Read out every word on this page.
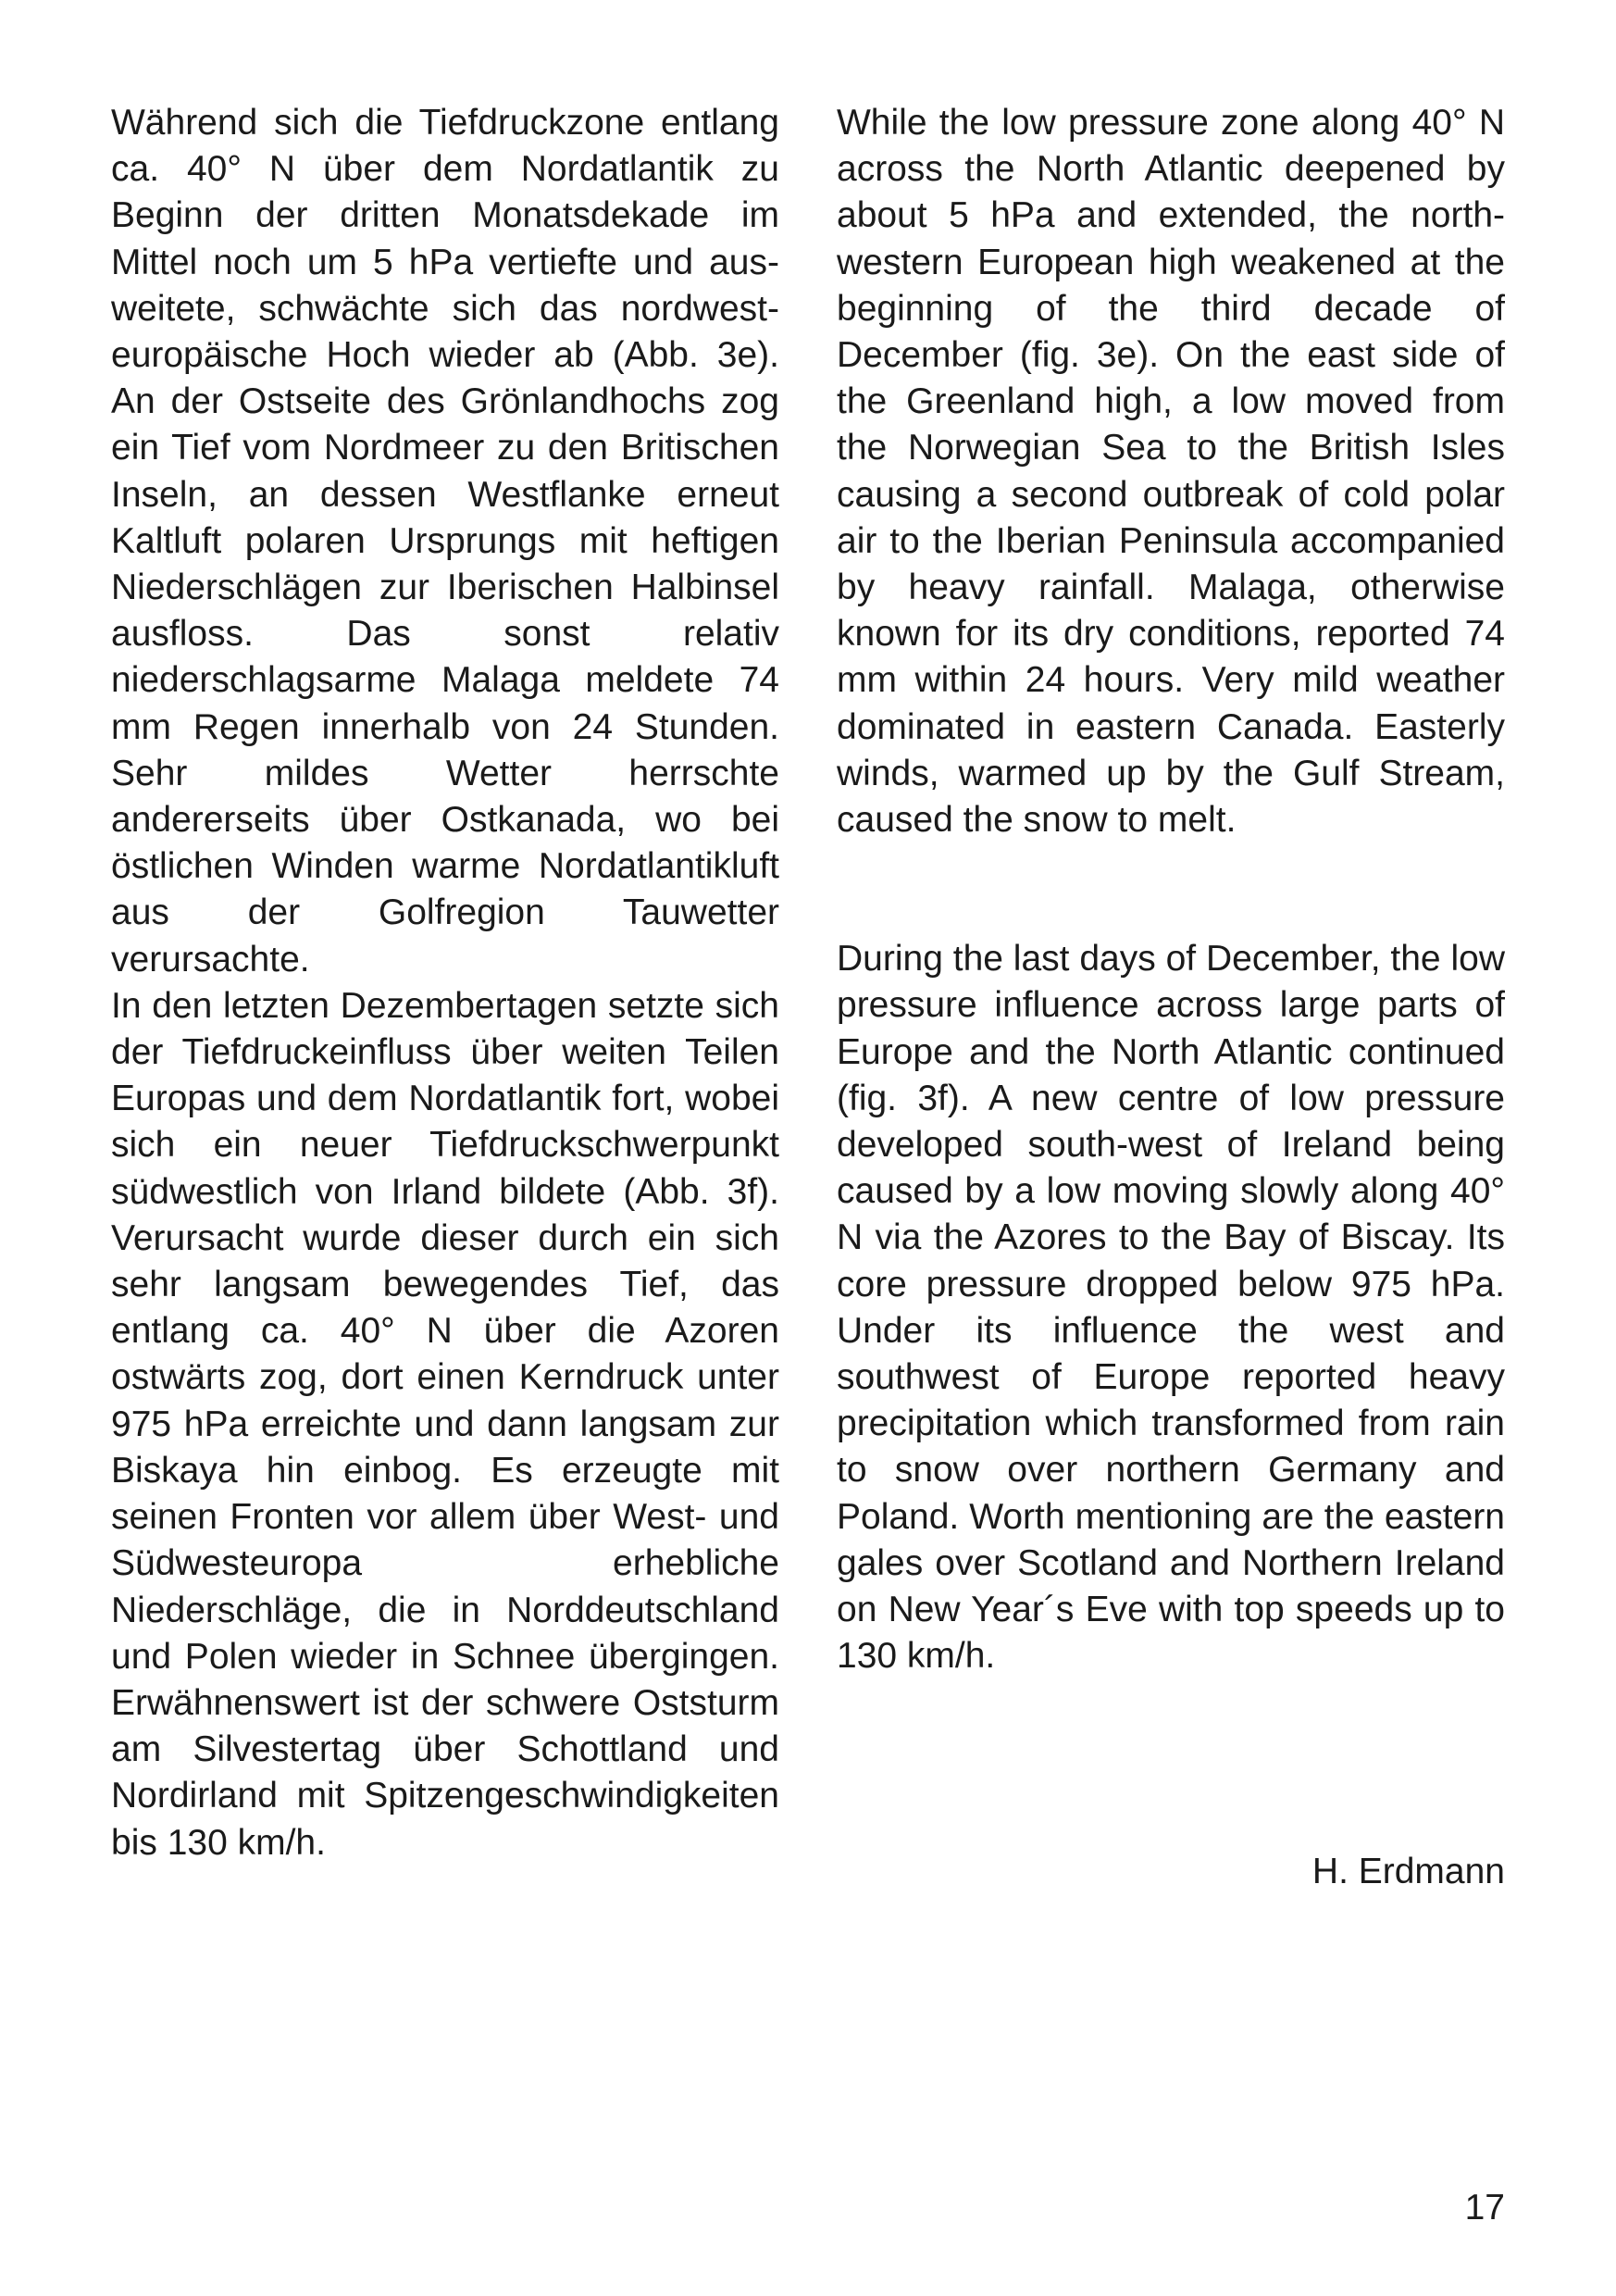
Während sich die Tiefdruckzone entlang ca. 40° N über dem Nordatlantik zu Beginn der dritten Monatsdekade im Mittel noch um 5 hPa vertiefte und ausweitete, schwächte sich das nordwesteuropäische Hoch wieder ab (Abb. 3e). An der Ostseite des Grönlandhochs zog ein Tief vom Nordmeer zu den Britischen Inseln, an dessen Westflanke erneut Kaltluft polaren Ursprungs mit heftigen Niederschlägen zur Iberischen Halbinsel ausfloss. Das sonst relativ niederschlagsarme Malaga meldete 74 mm Regen innerhalb von 24 Stunden. Sehr mildes Wetter herrschte andererseits über Ostkanada, wo bei östlichen Winden warme Nordatlantikluft aus der Golfregion Tauwetter verursachte.

In den letzten Dezembertagen setzte sich der Tiefdruckeinfluss über weiten Teilen Europas und dem Nordatlantik fort, wobei sich ein neuer Tiefdruckschwerpunkt südwestlich von Irland bildete (Abb. 3f). Verursacht wurde dieser durch ein sich sehr langsam bewegendes Tief, das entlang ca. 40° N über die Azoren ostwärts zog, dort einen Kerndruck unter 975 hPa erreichte und dann langsam zur Biskaya hin einbog. Es erzeugte mit seinen Fronten vor allem über West- und Südwesteuropa erhebliche Niederschläge, die in Norddeutschland und Polen wieder in Schnee übergingen. Erwähnenswert ist der schwere Oststurm am Silvestertag über Schottland und Nordirland mit Spitzengeschwindigkeiten bis 130 km/h.

While the low pressure zone along 40° N across the North Atlantic deepened by about 5 hPa and extended, the north-western European high weakened at the beginning of the third decade of December (fig. 3e). On the east side of the Greenland high, a low moved from the Norwegian Sea to the British Isles causing a second outbreak of cold polar air to the Iberian Peninsula accompanied by heavy rainfall. Malaga, otherwise known for its dry conditions, reported 74 mm within 24 hours. Very mild weather dominated in eastern Canada. Easterly winds, warmed up by the Gulf Stream, caused the snow to melt.

During the last days of December, the low pressure influence across large parts of Europe and the North Atlantic continued (fig. 3f). A new centre of low pressure developed south-west of Ireland being caused by a low moving slowly along 40° N via the Azores to the Bay of Biscay. Its core pressure dropped below 975 hPa. Under its influence the west and southwest of Europe reported heavy precipitation which transformed from rain to snow over northern Germany and Poland. Worth mentioning are the eastern gales over Scotland and Northern Ireland on New Year´s Eve with top speeds up to 130 km/h.

H. Erdmann
17
